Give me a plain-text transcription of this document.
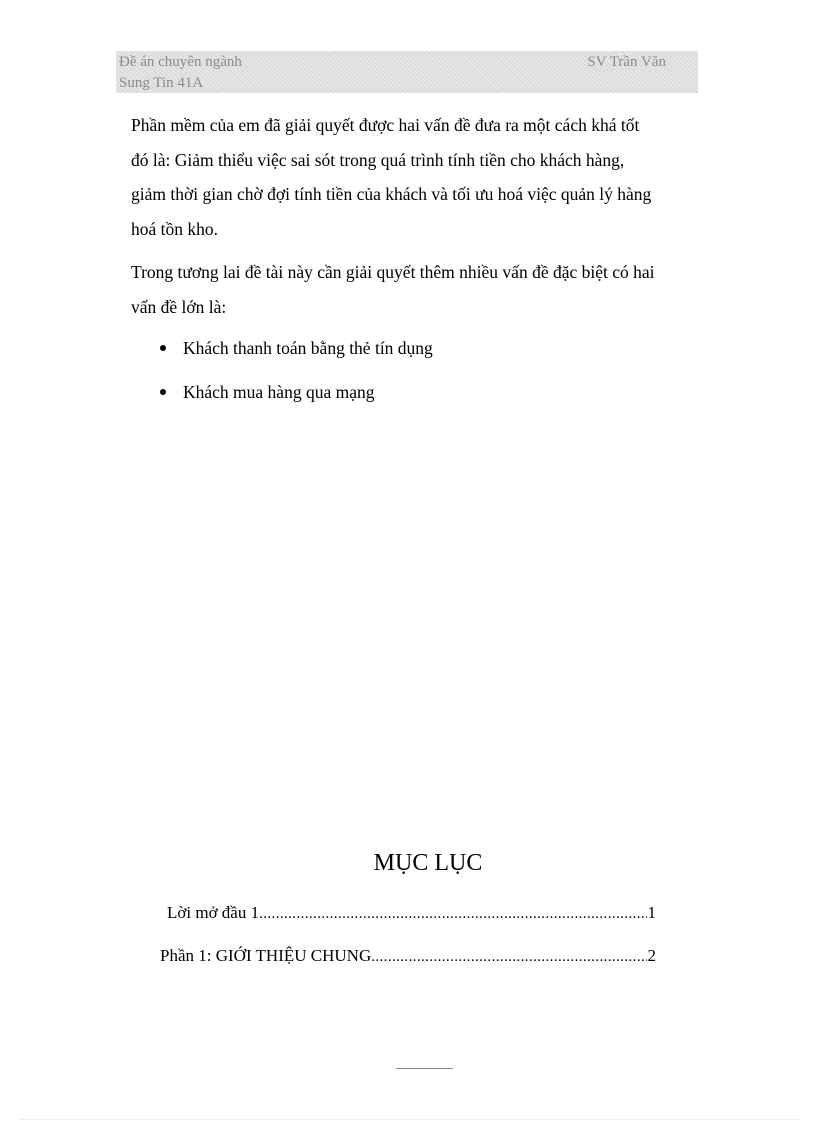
Đề án chuyên ngành	SV Trần Văn
Sung Tin 41A
Phần mềm của em đã giải quyết được hai vấn đề đưa ra một cách khá tốt
đó là: Giảm thiểu việc sai sót trong quá trình tính tiền cho khách hàng,
giảm thời gian chờ đợi tính tiền của khách và tối ưu hoá việc quản lý hàng
hoá tồn kho.
Trong tương lai đề tài này cần giải quyết thêm nhiều vấn đề đặc biệt có hai
vấn đề lớn là:
Khách thanh toán bằng thẻ tín dụng
Khách mua hàng qua mạng
MỤC LỤC
Lời mở đầu 1 .....	1
Phần 1: GIỚI THIỆU CHUNG .....	2
